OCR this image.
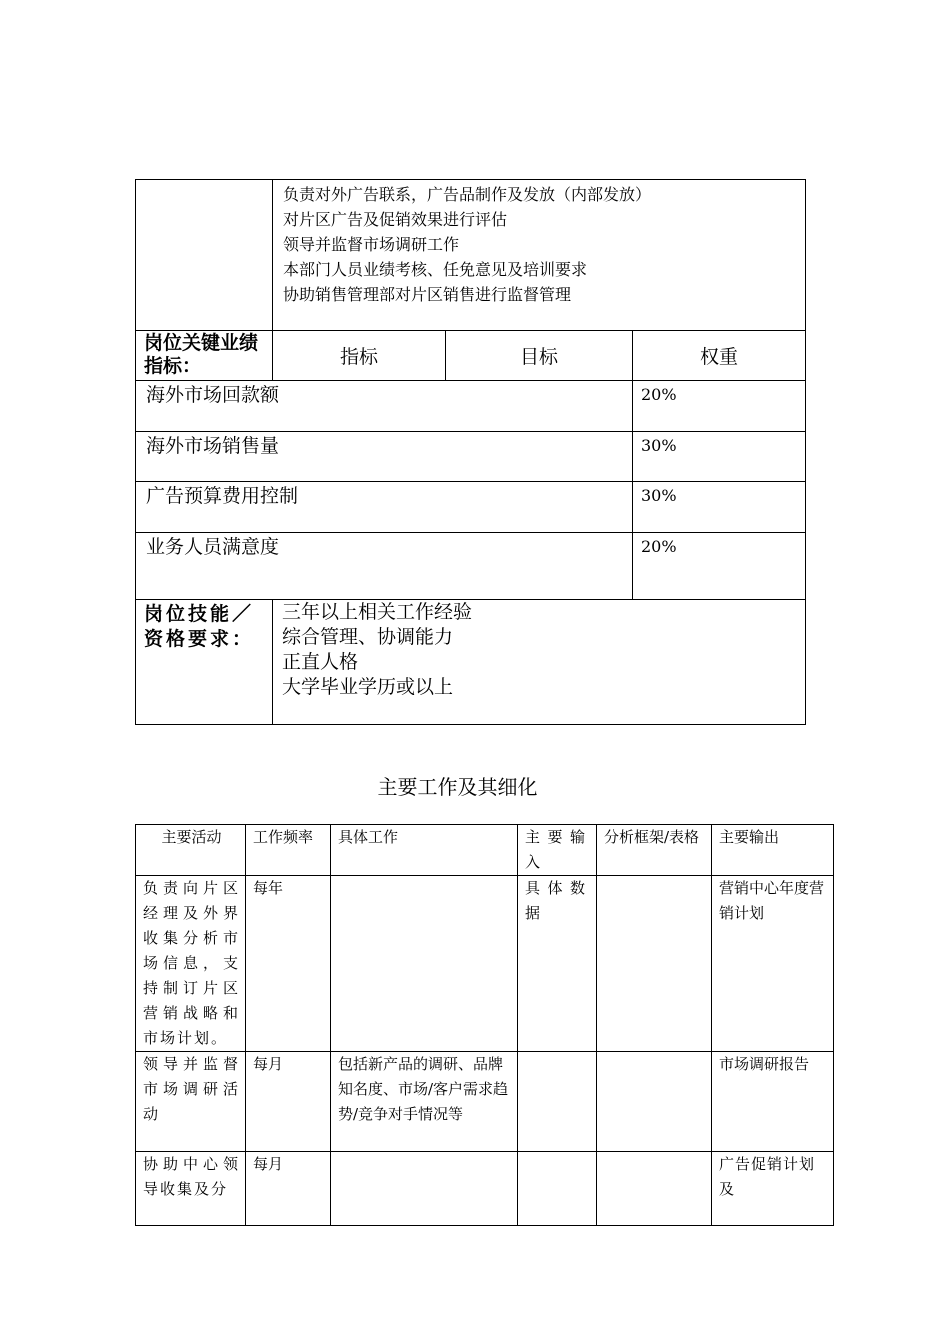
	负责对外广告联系，广告品制作及发放（内部发放）
对片区广告及促销效果进行评估
领导并监督市场调研工作
本部门人员业绩考核、任免意见及培训要求
协助销售管理部对片区销售进行监督管理		

岗位关键业绩指标：	指标	目标	权重
海外市场回款额			20%
海外市场销售量			30%
广告预算费用控制			30%
业务人员满意度			20%
岗位技能／资格要求：	三年以上相关工作经验
综合管理、协调能力
正直人格
大学毕业学历或以上		
主要工作及其细化
主要活动	工作频率	具体工作	主要输入	分析框架/表格	主要输出
负责向片区经理及外界收集分析市场信息，支持制订片区营销战略和市场计划。	每年		具体数据		营销中心年度营销计划
领导并监督市场调研活动	每月	包括新产品的调研、品牌知名度、市场/客户需求趋势/竞争对手情况等			市场调研报告
协助中心领导收集及分	每月				广告促销计划及
